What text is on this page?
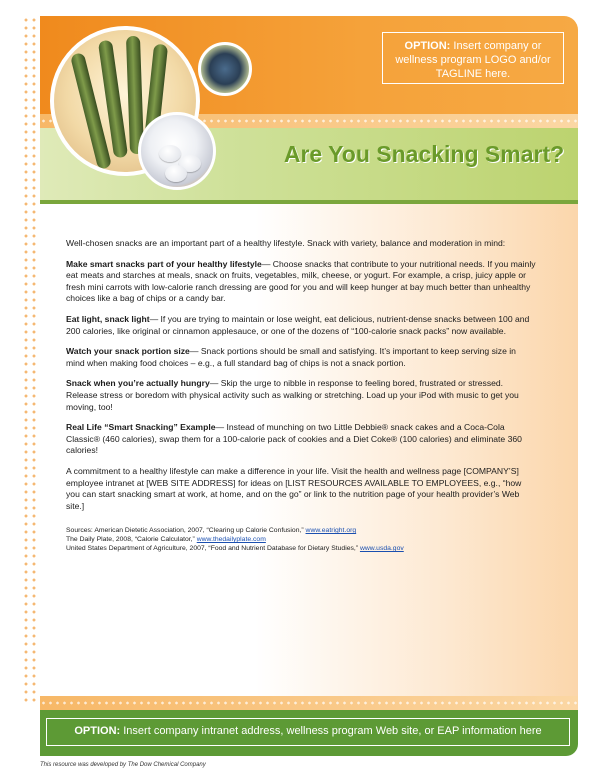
OPTION: Insert company or wellness program LOGO and/or TAGLINE here.
Are You Snacking Smart?

Well-chosen snacks are an important part of a healthy lifestyle. Snack with variety, balance and moderation in mind:

Make smart snacks part of your healthy lifestyle— Choose snacks that contribute to your nutritional needs. If you mainly eat meats and starches at meals, snack on fruits, vegetables, milk, cheese, or yogurt. For example, a crisp, juicy apple or fresh mini carrots with low-calorie ranch dressing are good for you and will keep hunger at bay much better than unhealthy choices like a bag of chips or a candy bar.

Eat light, snack light— If you are trying to maintain or lose weight, eat delicious, nutrient-dense snacks between 100 and 200 calories, like original or cinnamon applesauce, or one of the dozens of “100-calorie snack packs” now available.

Watch your snack portion size— Snack portions should be small and satisfying. It’s important to keep serving size in mind when making food choices – e.g., a full standard bag of chips is not a snack portion.

Snack when you’re actually hungry— Skip the urge to nibble in response to feeling bored, frustrated or stressed. Release stress or boredom with physical activity such as walking or stretching. Load up your iPod with music to get you moving, too!

Real Life “Smart Snacking” Example— Instead of munching on two Little Debbie® snack cakes and a Coca-Cola Classic® (460 calories), swap them for a 100-calorie pack of cookies and a Diet Coke® (100 calories) and eliminate 360 calories!

A commitment to a healthy lifestyle can make a difference in your life. Visit the health and wellness page [COMPANY’S] employee intranet at [WEB SITE ADDRESS] for ideas on [LIST RESOURCES AVAILABLE TO EMPLOYEES, e.g., “how you can start snacking smart at work, at home, and on the go” or link to the nutrition page of your health provider’s Web site.]

Sources: American Dietetic Association, 2007, “Clearing up Calorie Confusion,” www.eatright.org
The Daily Plate, 2008, “Calorie Calculator,” www.thedailyplate.com
United States Department of Agriculture, 2007, “Food and Nutrient Database for Dietary Studies,” www.usda.gov
OPTION: Insert company intranet address, wellness program Web site, or EAP information here
This resource was developed by The Dow Chemical Company
